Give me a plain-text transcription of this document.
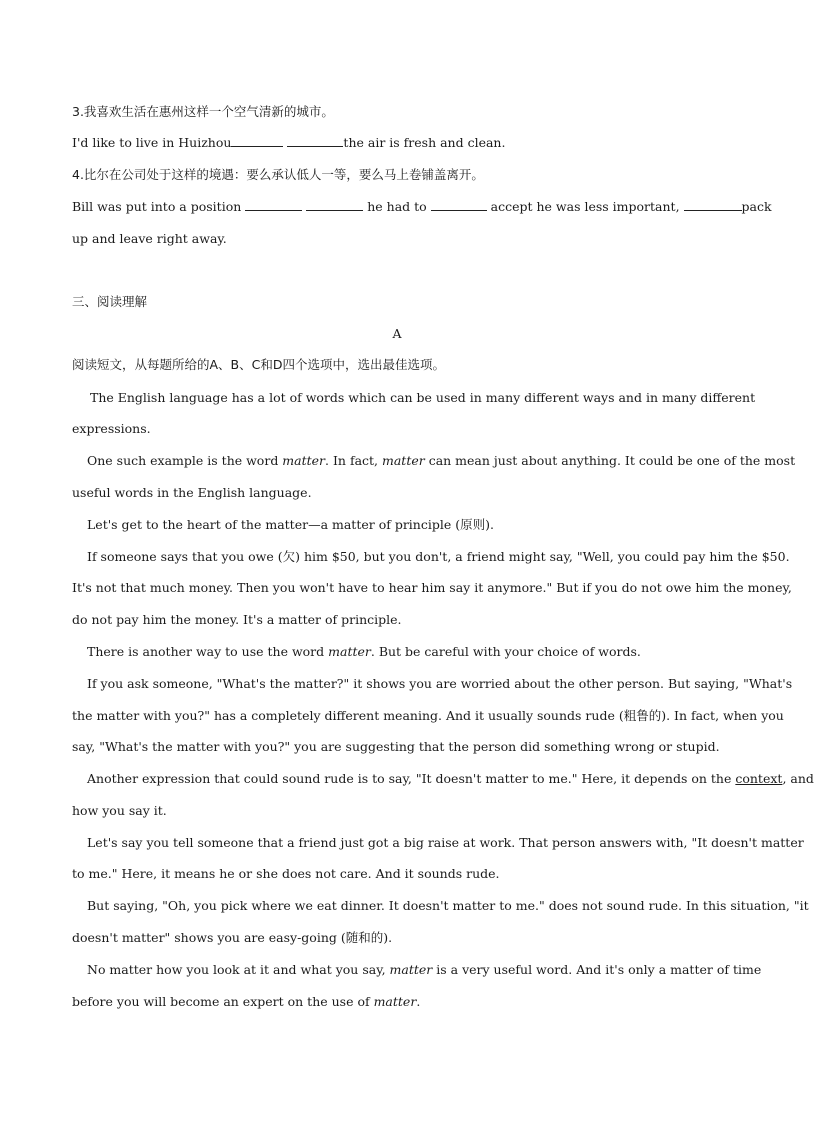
3.我喜欢生活在惠州这样一个空气清新的城市。
I'd like to live in Huizhou	the air is fresh and clean.
4.比尔在公司处于这样的境遇：要么承认低人一等，要么马上卷铺盖离开。
Bill was put into a position	he had to	accept he was less important,	pack
up and leave right away.
三、阅读理解
A
阅读短文，从每题所给的A、B、C和D四个选项中，选出最佳选项。
The English language has a lot of words which can be used in many different ways and in many different
expressions.
One such example is the word matter. In fact, matter can mean just about anything. It could be one of the most
useful words in the English language.
Let's get to the heart of the matter—a matter of principle (原则).
If someone says that you owe (欠) him $50, but you don't, a friend might say, "Well, you could pay him the $50.
It's not that much money. Then you won't have to hear him say it anymore." But if you do not owe him the money,
do not pay him the money. It's a matter of principle.
There is another way to use the word matter. But be careful with your choice of words.
If you ask someone, "What's the matter?" it shows you are worried about the other person. But saying, "What's
the matter with you?" has a completely different meaning. And it usually sounds rude (粗鲁的). In fact, when you
say, "What's the matter with you?" you are suggesting that the person did something wrong or stupid.
Another expression that could sound rude is to say, "It doesn't matter to me." Here, it depends on the context, and
how you say it.
Let's say you tell someone that a friend just got a big raise at work. That person answers with, "It doesn't matter
to me." Here, it means he or she does not care. And it sounds rude.
But saying, "Oh, you pick where we eat dinner. It doesn't matter to me." does not sound rude. In this situation, "it
doesn't matter" shows you are easy-going (随和的).
No matter how you look at it and what you say, matter is a very useful word. And it's only a matter of time
before you will become an expert on the use of matter.
